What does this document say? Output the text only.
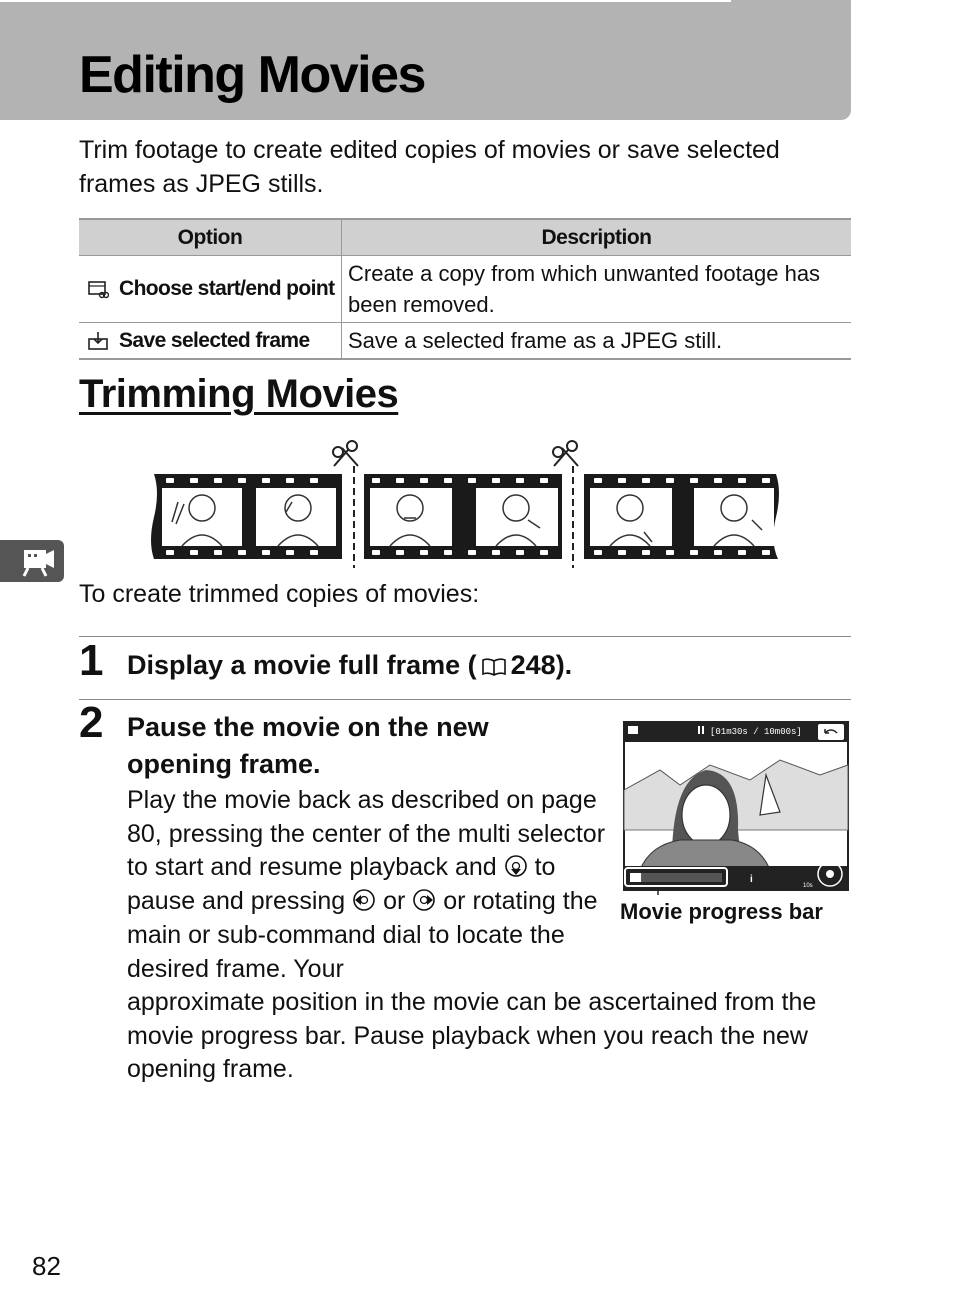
Editing Movies

Trim footage to create edited copies of movies or save selected frames as JPEG stills.

Option	Description
Choose start/end point	Create a copy from which unwanted footage has been removed.
Save selected frame	Save a selected frame as a JPEG still.
Trimming Movies

To create trimmed copies of movies:

1 Display a movie full frame ( 248).

2 Pause the movie on the new
opening frame.

Play the movie back as described on page 80, pressing the center of the multi selector to start and resume playback and to pause and pressing or or rotating the main or sub-command dial to locate the desired frame. Your

approximate position in the movie can be ascertained from the movie progress bar. Pause playback when you reach the new opening frame.

[01m30s / 10m00s]
i
10s
Movie progress bar
82
